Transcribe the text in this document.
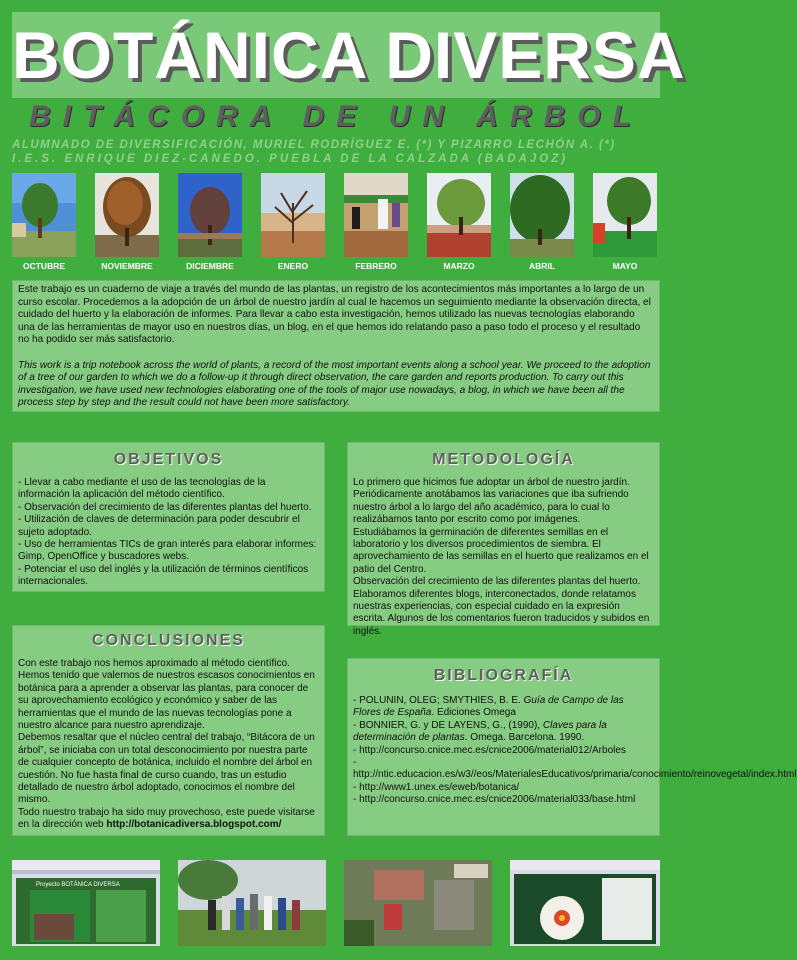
BOTÁNICA DIVERSA
BITÁCORA DE UN ÁRBOL
ALUMNADO DE DIVERSIFICACIÓN, MURIEL RODRÍGUEZ E. (*) Y PIZARRO LECHÓN A. (*)
I.E.S. ENRIQUE DIEZ-CANEDO. PUEBLA DE LA CALZADA (BADAJOZ)
OCTUBRE	NOVIEMBRE	DICIEMBRE	ENERO	FEBRERO	MARZO	ABRIL	MAYO

Este trabajo es un cuaderno de viaje a través del mundo de las plantas, un registro de los acontecimientos más importantes a lo largo de un curso escolar. Procedemos a la adopción de un árbol de nuestro jardín al cual le hacemos un seguimiento mediante la observación directa, el cuidado del huerto y la elaboración de informes. Para llevar a cabo esta investigación, hemos utilizado las nuevas tecnologías elaborando una de las herramientas de mayor uso en nuestros días, un blog, en el que hemos ido relatando paso a paso todo el proceso y el resultado no ha podido ser más satisfactorio.

This work is a trip notebook across the world of plants, a record of the most important events along a school year. We proceed to the adoption of a tree of our garden to which we do a follow-up it through direct observation, the care garden and reports production. To carry out this investigation, we have used new technologies elaborating one of the tools of major use nowadays, a blog, in which we have been all the process step by step and the result could not have been more satisfactory.

OBJETIVOS
- Llevar a cabo mediante el uso de las tecnologías de la información la aplicación del método científico.
- Observación del crecimiento de las diferentes plantas del huerto.
- Utilización de claves de determinación para poder descubrir el sujeto adoptado.
- Uso de herramientas TICs de gran interés para elaborar informes: Gimp, OpenOffice y buscadores webs.
- Potenciar el uso del inglés y la utilización de términos científicos internacionales.
METODOLOGÍA
Lo primero que hicimos fue adoptar un árbol de nuestro jardín. Periódicamente anotábamos las variaciones que iba sufriendo nuestro árbol a lo largo del año académico, para lo cual lo realizábamos tanto por escrito como por imágenes.
Estudiábamos la germinación de diferentes semillas en el laboratorio y los diversos procedimientos de siembra. El aprovechamiento de las semillas en el huerto que realizamos en el patio del Centro.
Observación del crecimiento de las diferentes plantas del huerto.
Elaboramos diferentes blogs, interconectados, donde relatamos nuestras experiencias, con especial cuidado en la expresión escrita. Algunos de los comentarios fueron traducidos y subidos en inglés.
CONCLUSIONES
Con este trabajo nos hemos aproximado al método científico. Hemos tenido que valernos de nuestros escasos conocimientos en botánica para a aprender a observar las plantas, para conocer de su aprovechamiento ecológico y económico y saber de las herramientas que el mundo de las nuevas tecnologías pone a nuestro alcance para nuestro aprendizaje.
Debemos resaltar que el núcleo central del trabajo, “Bitácora de un árbol”, se iniciaba con un total desconocimiento por nuestra parte de cualquier concepto de botánica, incluido el nombre del árbol en cuestión. No fue hasta final de curso cuando, tras un estudio detallado de nuestro árbol adoptado, conocimos el nombre del mismo.
Todo nuestro trabajo ha sido muy provechoso, este puede visitarse en la dirección web http://botanicadiversa.blogspot.com/
BIBLIOGRAFÍA
- POLUNIN, OLEG; SMYTHIES, B. E. Guía de Campo de las Flores de España. Ediciones Omega
- BONNIER, G. y DE LAYENS, G., (1990), Claves para la determinación de plantas. Omega. Barcelona. 1990.
- http://concurso.cnice.mec.es/cnice2006/material012/Arboles
- http://ntic.educacion.es/w3//eos/MaterialesEducativos/primaria/conocimiento/reinovegetal/index.html
- http://www1.unex.es/eweb/botanica/
- http://concurso.cnice.mec.es/cnice2006/material033/base.html
Proyecto BOTÁNICA DIVERSA
